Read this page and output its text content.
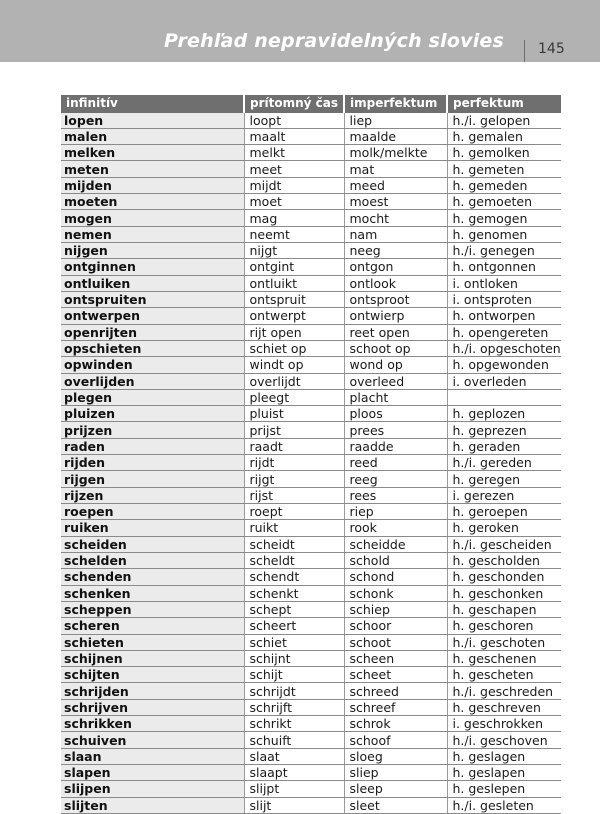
Prehľad nepravidelných slovies 145
infinitív	prítomný čas	imperfektum	perfektum
lopen	loopt	liep	h./i. gelopen
malen	maalt	maalde	h. gemalen
melken	melkt	molk/melkte	h. gemolken
meten	meet	mat	h. gemeten
mijden	mijdt	meed	h. gemeden
moeten	moet	moest	h. gemoeten
mogen	mag	mocht	h. gemogen
nemen	neemt	nam	h. genomen
nijgen	nijgt	neeg	h./i. genegen
ontginnen	ontgint	ontgon	h. ontgonnen
ontluiken	ontluikt	ontlook	i. ontloken
ontspruiten	ontspruit	ontsproot	i. ontsproten
ontwerpen	ontwerpt	ontwierp	h. ontworpen
openrijten	rijt open	reet open	h. opengereten
opschieten	schiet op	schoot op	h./i. opgeschoten
opwinden	windt op	wond op	h. opgewonden
overlijden	overlijdt	overleed	i. overleden
plegen	pleegt	placht	
pluizen	pluist	ploos	h. geplozen
prijzen	prijst	prees	h. geprezen
raden	raadt	raadde	h. geraden
rijden	rijdt	reed	h./i. gereden
rijgen	rijgt	reeg	h. geregen
rijzen	rijst	rees	i. gerezen
roepen	roept	riep	h. geroepen
ruiken	ruikt	rook	h. geroken
scheiden	scheidt	scheidde	h./i. gescheiden
schelden	scheldt	schold	h. gescholden
schenden	schendt	schond	h. geschonden
schenken	schenkt	schonk	h. geschonken
scheppen	schept	schiep	h. geschapen
scheren	scheert	schoor	h. geschoren
schieten	schiet	schoot	h./i. geschoten
schijnen	schijnt	scheen	h. geschenen
schijten	schijt	scheet	h. gescheten
schrijden	schrijdt	schreed	h./i. geschreden
schrijven	schrijft	schreef	h. geschreven
schrikken	schrikt	schrok	i. geschrokken
schuiven	schuift	schoof	h./i. geschoven
slaan	slaat	sloeg	h. geslagen
slapen	slaapt	sliep	h. geslapen
slijpen	slijpt	sleep	h. geslepen
slijten	slijt	sleet	h./i. gesleten
